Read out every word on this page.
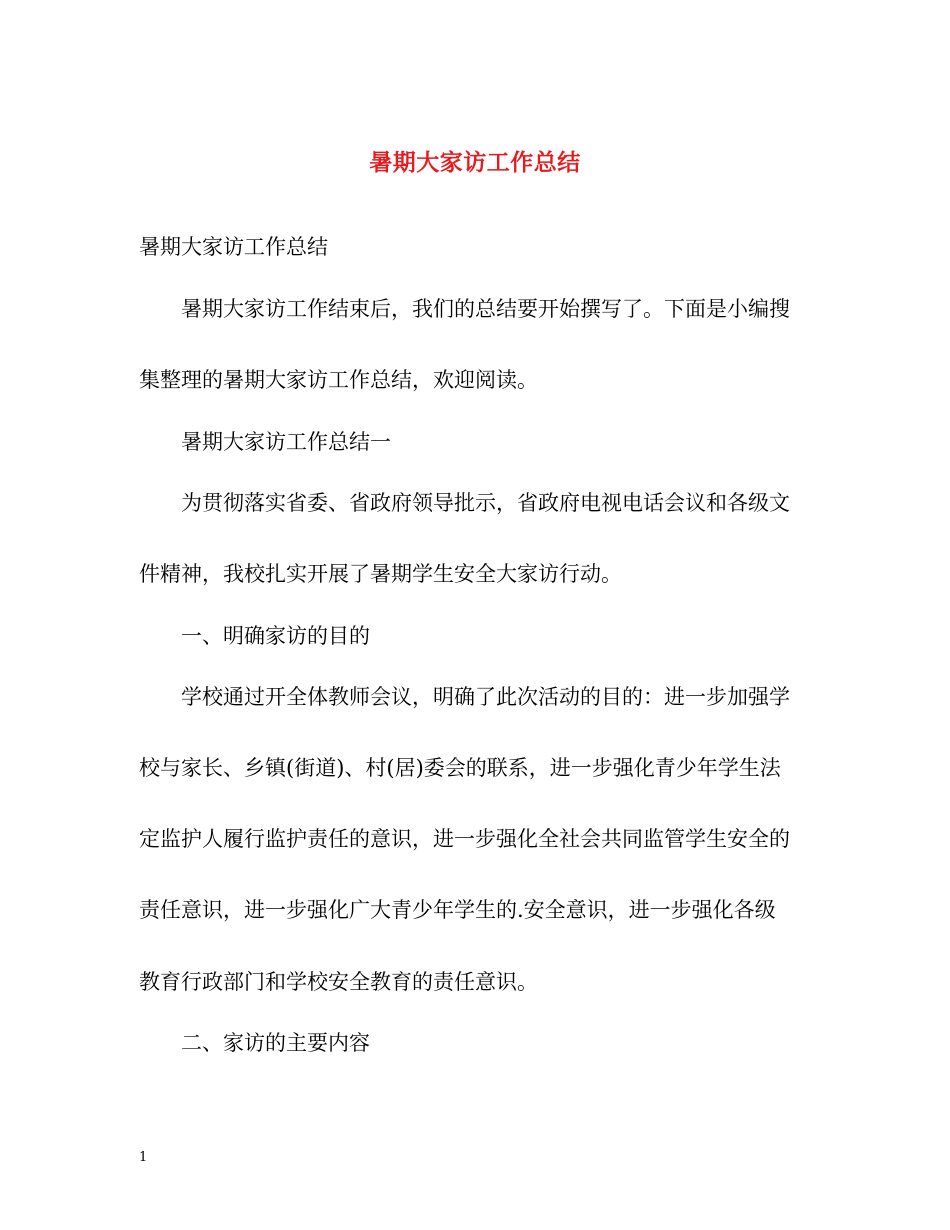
暑期大家访工作总结
暑期大家访工作总结
暑期大家访工作结束后，我们的总结要开始撰写了。下面是小编搜
集整理的暑期大家访工作总结，欢迎阅读。
暑期大家访工作总结一
为贯彻落实省委、省政府领导批示，省政府电视电话会议和各级文
件精神，我校扎实开展了暑期学生安全大家访行动。
一、明确家访的目的
学校通过开全体教师会议，明确了此次活动的目的：进一步加强学
校与家长、乡镇(街道)、村(居)委会的联系，进一步强化青少年学生法
定监护人履行监护责任的意识，进一步强化全社会共同监管学生安全的
责任意识，进一步强化广大青少年学生的.安全意识，进一步强化各级
教育行政部门和学校安全教育的责任意识。
二、家访的主要内容
1
